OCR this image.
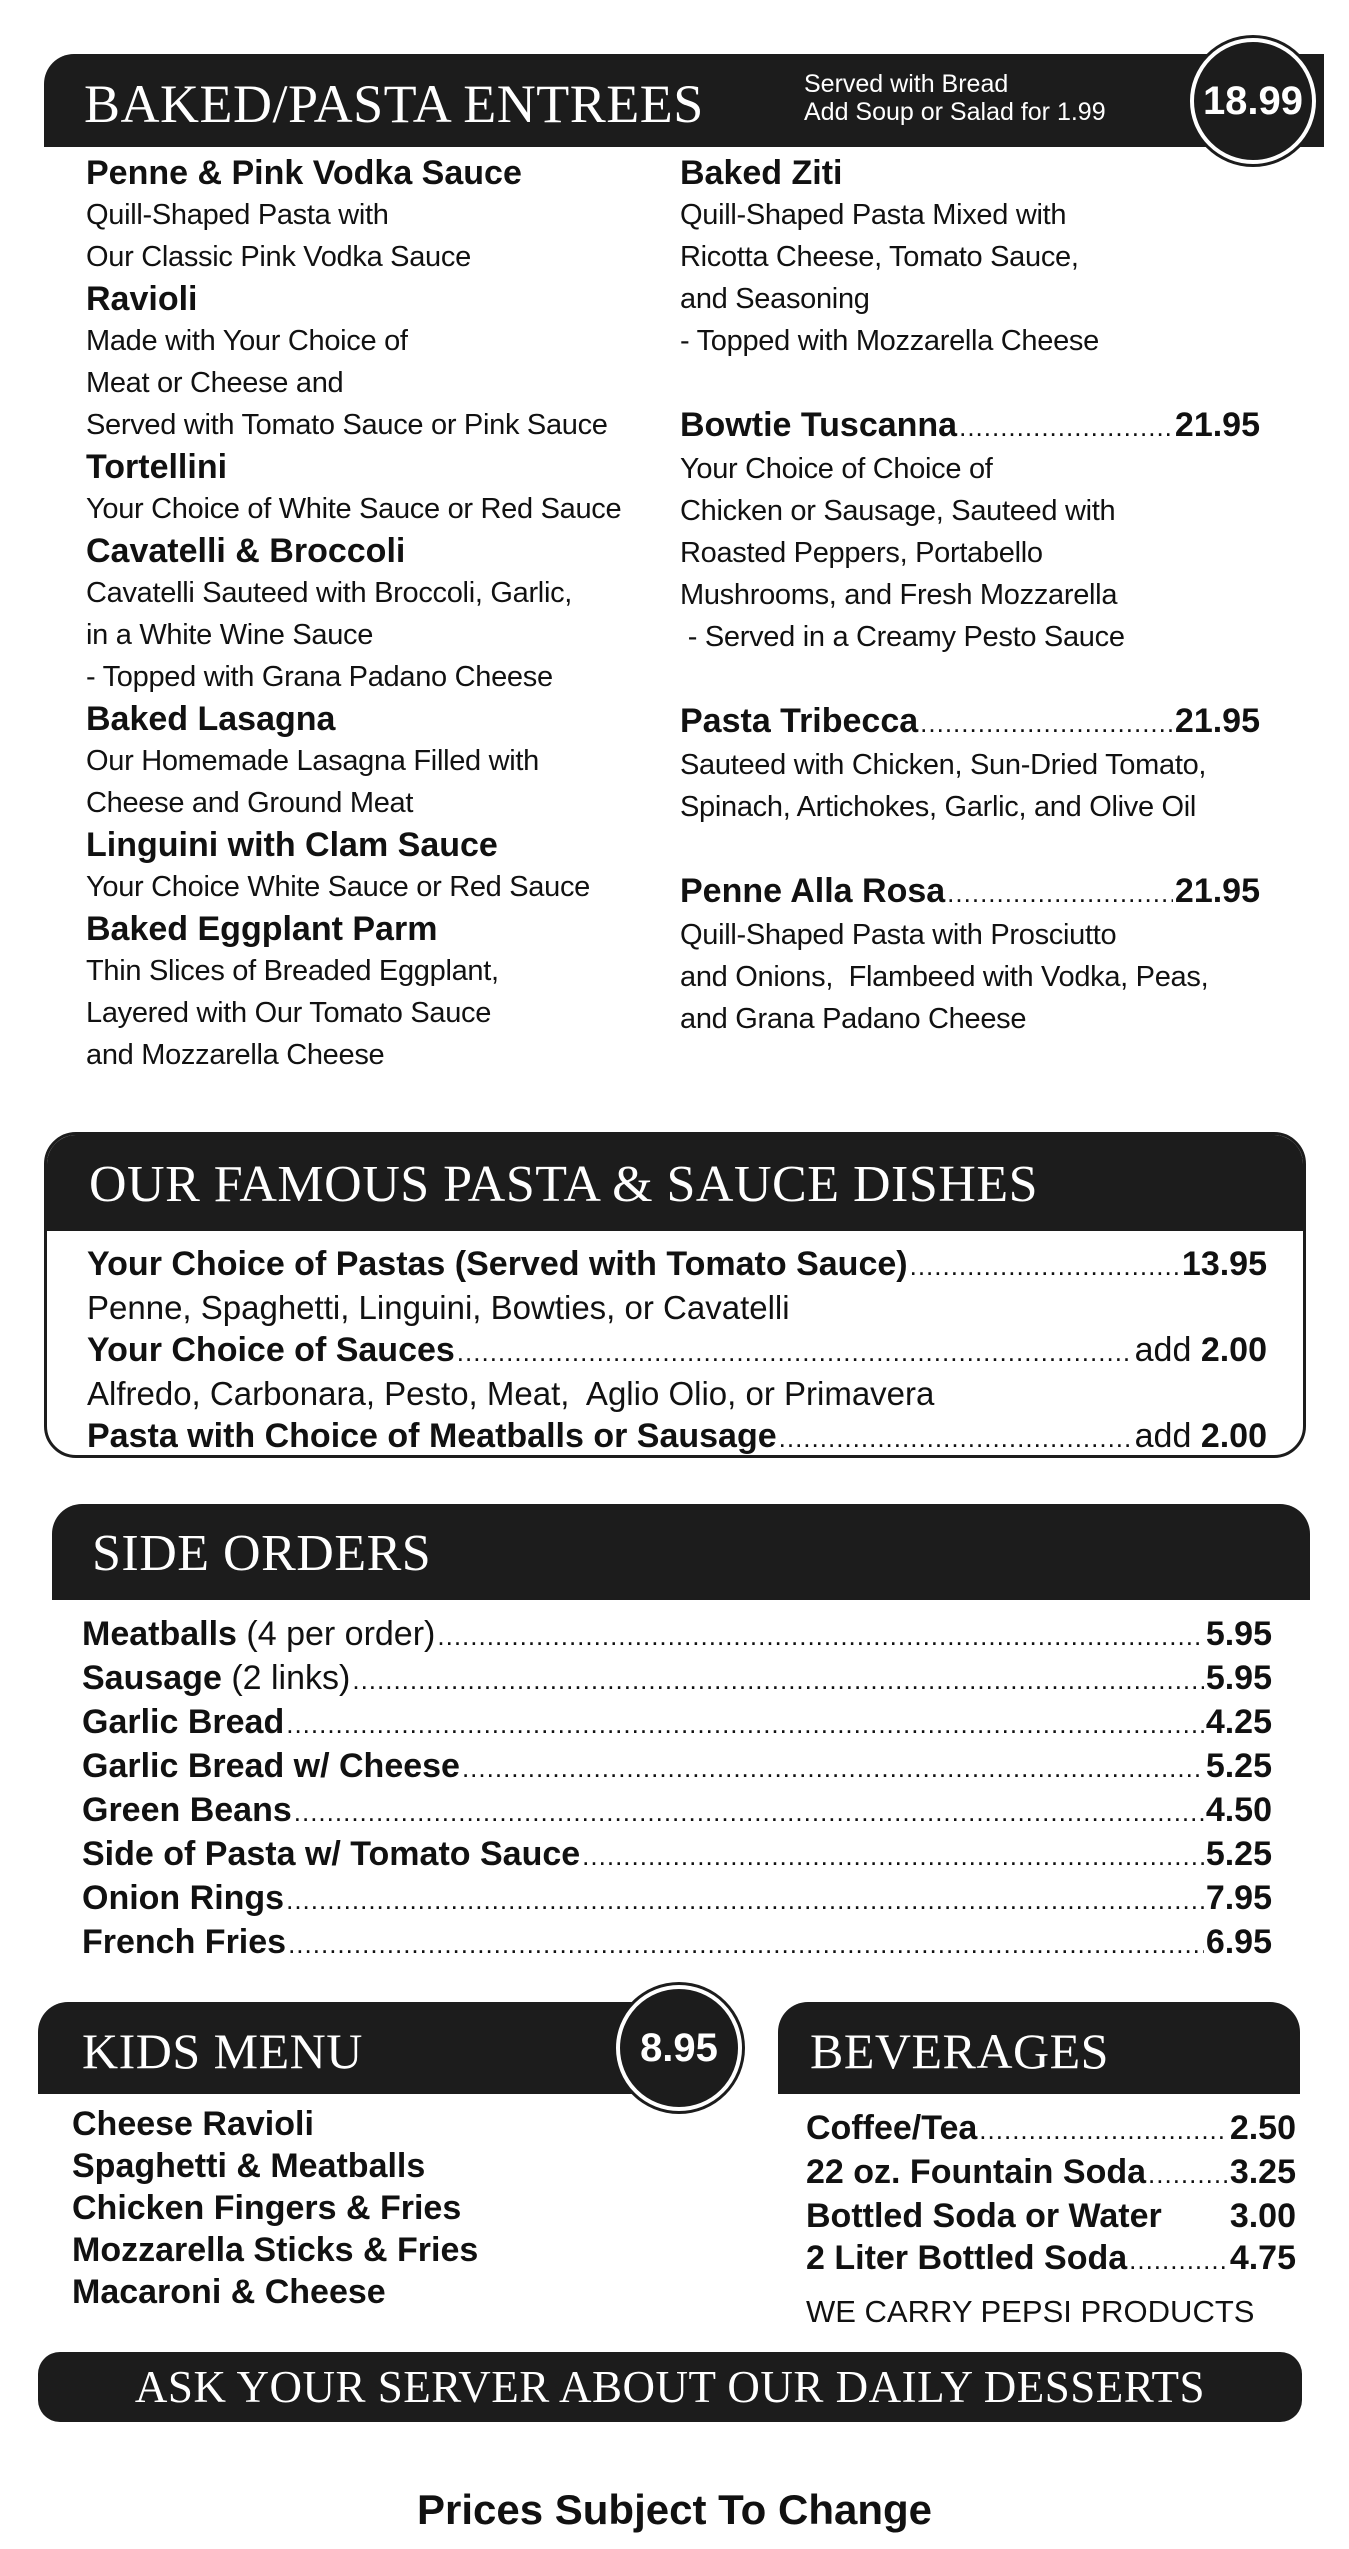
BAKED/PASTA ENTREES	Served with Bread
Add Soup or Salad for 1.99 18.99
Penne & Pink Vodka Sauce
Quill-Shaped Pasta with
Our Classic Pink Vodka Sauce
Ravioli
Made with Your Choice of
Meat or Cheese and
Served with Tomato Sauce or Pink Sauce
Tortellini
Your Choice of White Sauce or Red Sauce
Cavatelli & Broccoli
Cavatelli Sauteed with Broccoli, Garlic,
in a White Wine Sauce
- Topped with Grana Padano Cheese
Baked Lasagna
Our Homemade Lasagna Filled with
Cheese and Ground Meat
Linguini with Clam Sauce
Your Choice White Sauce or Red Sauce
Baked Eggplant Parm
Thin Slices of Breaded Eggplant,
Layered with Our Tomato Sauce
and Mozzarella Cheese
Baked Ziti
Quill-Shaped Pasta Mixed with
Ricotta Cheese, Tomato Sauce,
and Seasoning
- Topped with Mozzarella Cheese
Bowtie Tuscanna .....	21.95
Your Choice of Choice of
Chicken or Sausage, Sauteed with
Roasted Peppers, Portabello
Mushrooms, and Fresh Mozzarella
- Served in a Creamy Pesto Sauce
Pasta Tribecca .....	21.95
Sauteed with Chicken, Sun-Dried Tomato,
Spinach, Artichokes, Garlic, and Olive Oil
Penne Alla Rosa .....	21.95
Quill-Shaped Pasta with Prosciutto
and Onions,  Flambeed with Vodka, Peas,
and Grana Padano Cheese
OUR FAMOUS PASTA & SAUCE DISHES
Your Choice of Pastas (Served with Tomato Sauce) .....	13.95
Penne, Spaghetti, Linguini, Bowties, or Cavatelli
Your Choice of Sauces .....	add
2.00
Alfredo, Carbonara, Pesto, Meat,  Aglio Olio, or Primavera
Pasta with Choice of Meatballs or Sausage .....	add
2.00
SIDE ORDERS
Meatballs
(4 per order) .....	5.95
Sausage
(2 links) .....	5.95
Garlic Bread .....	4.25
Garlic Bread w/ Cheese .....	5.25
Green Beans .....	4.50
Side of Pasta w/ Tomato Sauce .....	5.25
Onion Rings .....	7.95
French Fries .....	6.95
KIDS MENU	8.95
Cheese Ravioli
Spaghetti & Meatballs
Chicken Fingers & Fries
Mozzarella Sticks & Fries
Macaroni & Cheese
BEVERAGES
Coffee/Tea .....	2.50
22 oz. Fountain Soda ..... 3.25
Bottled Soda or Water 3.00
2 Liter Bottled Soda .....	4.75
WE CARRY PEPSI PRODUCTS
ASK YOUR SERVER ABOUT OUR DAILY DESSERTS
Prices Subject To Change
